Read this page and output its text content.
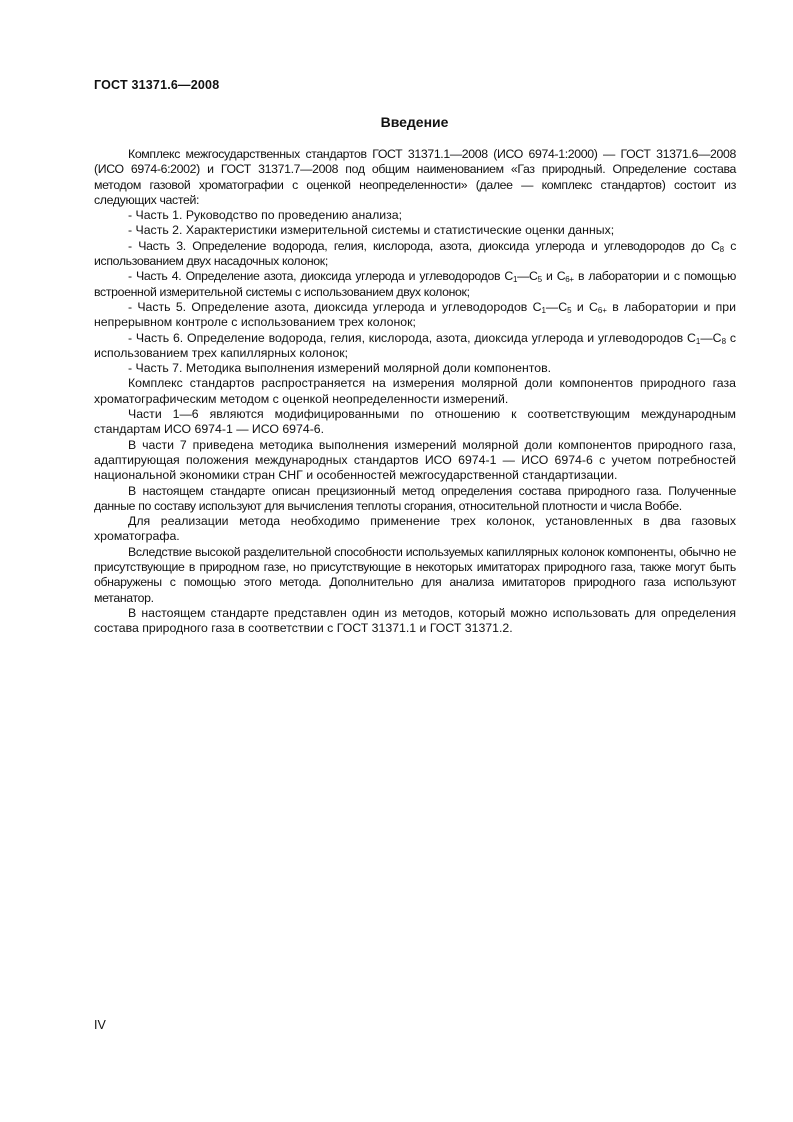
ГОСТ 31371.6—2008
Введение

Комплекс межгосударственных стандартов ГОСТ 31371.1—2008 (ИСО 6974-1:2000) — ГОСТ 31371.6—2008 (ИСО 6974-6:2002) и ГОСТ 31371.7—2008 под общим наименованием «Газ природный. Определение состава методом газовой хроматографии с оценкой неопределенности» (далее — комплекс стандартов) состоит из следующих частей:

- Часть 1. Руководство по проведению анализа;
- Часть 2. Характеристики измерительной системы и статистические оценки данных;
- Часть 3. Определение водорода, гелия, кислорода, азота, диоксида углерода и углеводородов до $C_8$ с использованием двух насадочных колонок;
- Часть 4. Определение азота, диоксида углерода и углеводородов $C_1—C_5$ и $C_{6+}$ в лаборатории и с помощью встроенной измерительной системы с использованием двух колонок;
- Часть 5. Определение азота, диоксида углерода и углеводородов $C_1—C_5$ и $C_{6+}$ в лаборатории и при непрерывном контроле с использованием трех колонок;
- Часть 6. Определение водорода, гелия, кислорода, азота, диоксида углерода и углеводородов $C_1—C_8$ с использованием трех капиллярных колонок;
- Часть 7. Методика выполнения измерений молярной доли компонентов.

Комплекс стандартов распространяется на измерения молярной доли компонентов природного газа хроматографическим методом с оценкой неопределенности измерений.

Части 1—6 являются модифицированными по отношению к соответствующим международным стандартам ИСО 6974-1 — ИСО 6974-6.

В части 7 приведена методика выполнения измерений молярной доли компонентов природного газа, адаптирующая положения международных стандартов ИСО 6974-1 — ИСО 6974-6 с учетом потребностей национальной экономики стран СНГ и особенностей межгосударственной стандартизации.

В настоящем стандарте описан прецизионный метод определения состава природного газа. Полученные данные по составу используют для вычисления теплоты сгорания, относительной плотности и числа Воббе.

Для реализации метода необходимо применение трех колонок, установленных в два газовых хроматографа.

Вследствие высокой разделительной способности используемых капиллярных колонок компоненты, обычно не присутствующие в природном газе, но присутствующие в некоторых имитаторах природного газа, также могут быть обнаружены с помощью этого метода. Дополнительно для анализа имитаторов природного газа используют метанатор.

В настоящем стандарте представлен один из методов, который можно использовать для определения состава природного газа в соответствии с ГОСТ 31371.1 и ГОСТ 31371.2.

IV
